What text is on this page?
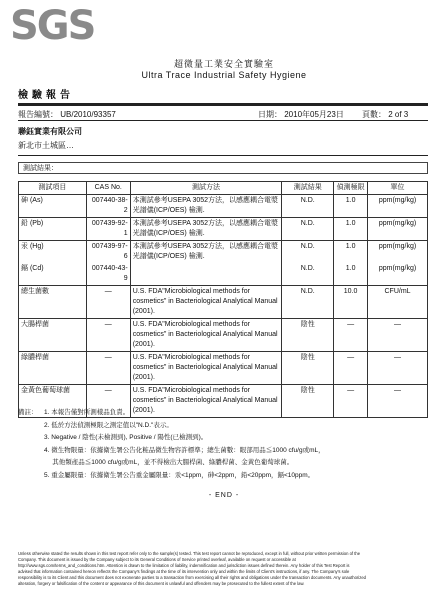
SGS
超微量工業安全實驗室
Ultra Trace Industrial Safety Hygiene
檢驗報告
報告編號： UB/2010/93357	日期： 2010年05月23日 頁數： 2 of 3
聯鈺實業有限公司
新北市土城區…
測試結果：
測試項目	CAS No.	測試方法	測試結果	偵測極限	單位
砷 (As)	007440-38-2	本測試參考USEPA 3052方法，以感應耦合電漿光譜儀(ICP/OES) 檢測.	N.D.	1.0	ppm(mg/kg)
鉛 (Pb)	007439-92-1	本測試參考USEPA 3052方法，以感應耦合電漿光譜儀(ICP/OES) 檢測.	N.D.	1.0	ppm(mg/kg)
汞 (Hg)	007439-97-6	本測試參考USEPA 3052方法，以感應耦合電漿光譜儀(ICP/OES) 檢測.	N.D.	1.0	ppm(mg/kg)
鎘 (Cd)	007440-43-9		N.D.	1.0	ppm(mg/kg)
總生菌數	—	U.S. FDA"Microbiological methods for cosmetics" in Bacteriological Analytical Manual (2001).	N.D.	10.0	CFU/mL
大腸桿菌	—	U.S. FDA"Microbiological methods for cosmetics" in Bacteriological Analytical Manual (2001).	陰性	—	—
綠膿桿菌	—	U.S. FDA"Microbiological methods for cosmetics" in Bacteriological Analytical Manual (2001).	陰性	—	—
金黃色葡萄球菌	—	U.S. FDA"Microbiological methods for cosmetics" in Bacteriological Analytical Manual (2001).	陰性	—	—
備註： 1. 本報告僅對所測樣品負責。
2. 低於方法偵測極限之測定值以"N.D."表示。
3. Negative / 陰性(未檢測到), Positive / 陽性(已檢測到)。
4. 微生物限量：依據衛生署公告化粧品微生物容許標準；總生菌數：眼部用品≦1000 cfu/g或mL，
　 其他類產品≦1000 cfu/g或mL，並不得檢出大腸桿菌、綠膿桿菌、金黃色葡萄球菌。
5. 重金屬限量：依據衛生署公告重金屬限量：汞<1ppm，砷<2ppm，鉛<20ppm，鎘<10ppm。
- END -
Unless otherwise stated the results shown in this test report refer only to the sample(s) tested. This test report cannot be reproduced, except in full, without prior written permission of the
Company. This document is issued by the Company subject to its General Conditions of Service printed overleaf, available on request or accessible at
http://www.sgs.com/terms_and_conditions.htm. Attention is drawn to the limitation of liability, indemnification and jurisdiction issues defined therein. Any holder of this Test Report is
advised that information contained hereon reflects the Company's findings at the time of its intervention only and within the limits of Client's instructions, if any. The Company's sole
responsibility is to its Client and this document does not exonerate parties to a transaction from exercising all their rights and obligations under the transaction documents. Any unauthorized
alteration, forgery or falsification of the content or appearance of this document is unlawful and offenders may be prosecuted to the fullest extent of the law.
